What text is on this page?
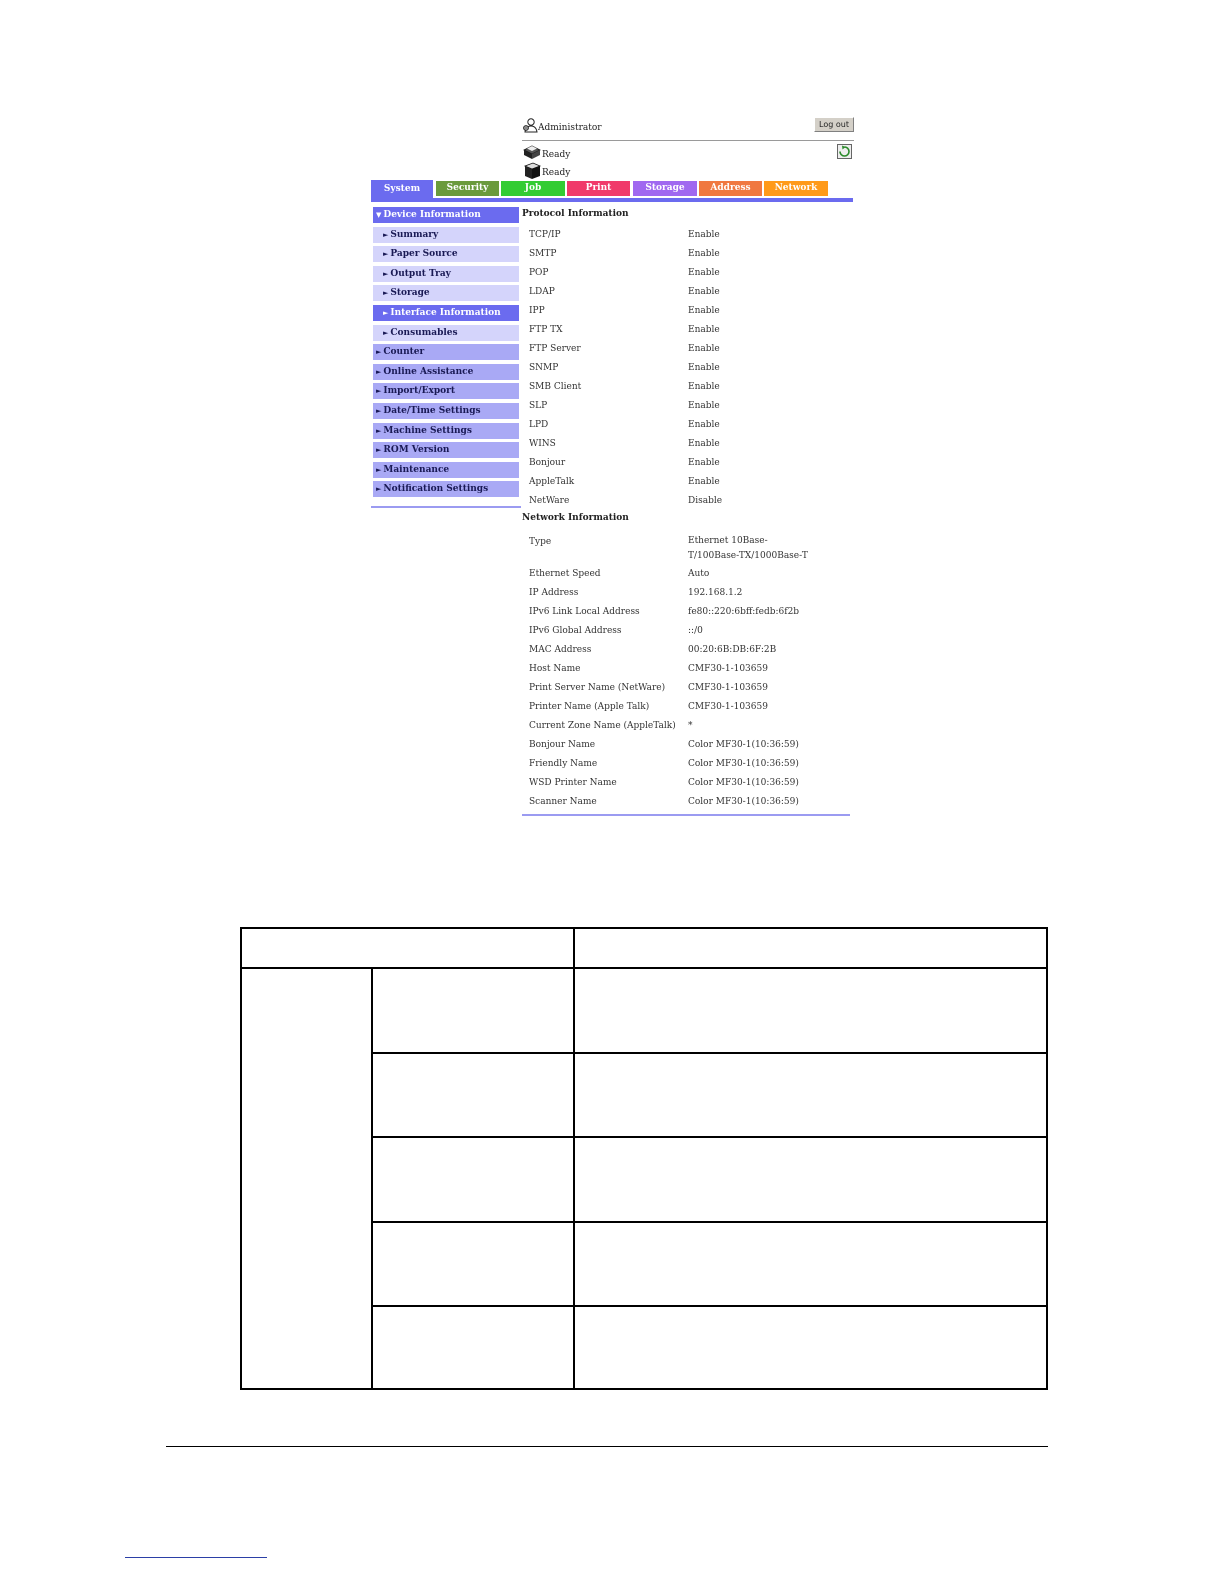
Administrator	Log out
Ready
Ready
System	Security	Job	Print	Storage	Address	Network
▼ Device Information
► Summary
► Paper Source
► Output Tray
► Storage
► Interface Information
► Consumables
► Counter
► Online Assistance
► Import/Export
► Date/Time Settings
► Machine Settings
► ROM Version
► Maintenance
► Notification Settings
Protocol Information
TCP/IP	Enable
SMTP	Enable
POP	Enable
LDAP	Enable
IPP	Enable
FTP TX	Enable
FTP Server	Enable
SNMP	Enable
SMB Client	Enable
SLP	Enable
LPD	Enable
WINS	Enable
Bonjour	Enable
AppleTalk	Enable
NetWare	Disable
Network Information
Type	Ethernet 10Base-T/100Base-TX/1000Base-T
Ethernet Speed	Auto
IP Address	192.168.1.2
IPv6 Link Local Address	fe80::220:6bff:fedb:6f2b
IPv6 Global Address	::/0
MAC Address	00:20:6B:DB:6F:2B
Host Name	CMF30-1-103659
Print Server Name (NetWare)	CMF30-1-103659
Printer Name (Apple Talk)	CMF30-1-103659
Current Zone Name (AppleTalk) *
Bonjour Name	Color MF30-1(10:36:59)
Friendly Name	Color MF30-1(10:36:59)
WSD Printer Name	Color MF30-1(10:36:59)
Scanner Name	Color MF30-1(10:36:59)
